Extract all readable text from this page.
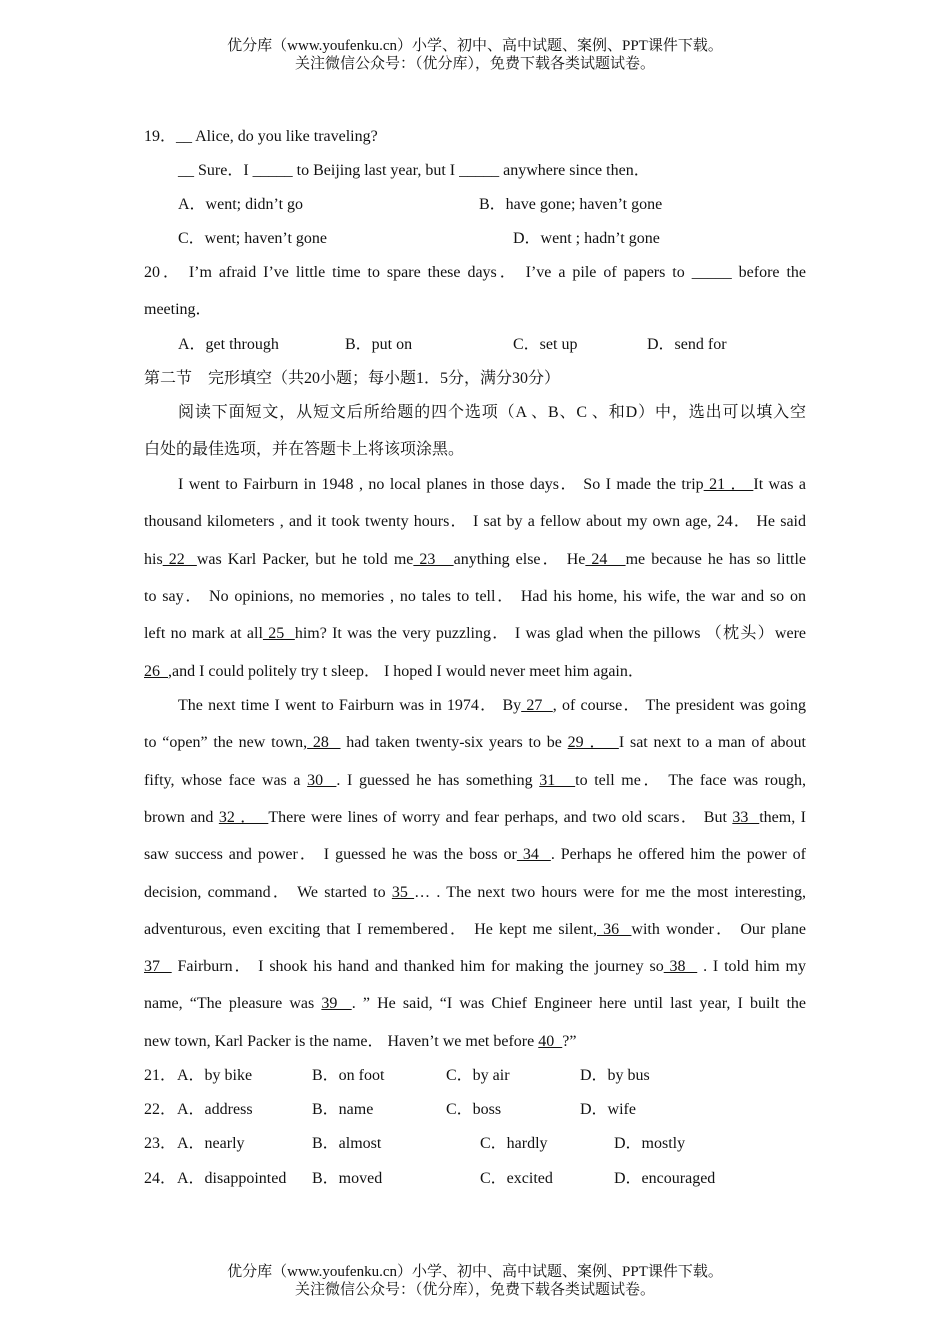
优分库（www.youfenku.cn）小学、初中、高中试题、案例、PPT课件下载。
关注微信公众号：（优分库），免费下载各类试题试卷。
19．__ Alice, do you like traveling?
__ Sure．I _____ to Beijing last year, but I _____ anywhere since then．
A．went; didn’t go	B．have gone; haven’t gone
C．went; haven’t gone	D．went ; hadn’t gone
20． I’m afraid I’ve little time to spare these days． I’ve a pile of papers to _____ before the
meeting．
A．get through	B．put on	C．set up	D．send for
第二节　完形填空（共20小题；每小题1．5分，满分30分）
阅读下面短文，从短文后所给题的四个选项（A 、B、C 、和D）中，选出可以填入空
白处的最佳选项，并在答题卡上将该项涂黑。
I went to Fairburn in 1948 , no local planes in those days． So I made the trip 21 ． It was a
thousand kilometers , and it took twenty hours． I sat by a fellow about my own age, 24． He said
his 22  was Karl Packer, but he told me 23   anything else． He 24   me because he has so little
to say． No opinions, no memories , no tales to tell． Had his home, his wife, the war and so on
left no mark at all 25  him? It was the very puzzling． I was glad when the pillows （枕头）were
26  ,and I could politely try t sleep． I hoped I would never meet him again．
The next time I went to Fairburn was in 1974． By 27  , of course． The president was going
to “open” the new town, 28   had taken twenty-six years to be 29 ．  I sat next to a man of about
fifty, whose face was a 30  . I guessed he has something 31   to tell me． The face was rough,
brown and 32 ．  There were lines of worry and fear perhaps, and two old scars． But 33  them, I
saw success and power． I guessed he was the boss or 34  . Perhaps he offered him the power of
decision, command． We started to 35 … . The next two hours were for me the most interesting,
adventurous, even exciting that I remembered． He kept me silent, 36  with wonder． Our plane
37   Fairburn． I shook his hand and thanked him for making the journey so 38   . I told him my
name, “The pleasure was 39  . ” He said, “I was Chief Engineer here until last year, I built the
new town, Karl Packer is the name． Haven’t we met before 40  ?”
21． A．by bike	B．on foot	C．by air	D．by bus
22． A．address	B．name	C．boss	D．wife
23． A．nearly	B．almost	C．hardly	D．mostly
24． A．disappointed B．moved	C．excited	D．encouraged
优分库（www.youfenku.cn）小学、初中、高中试题、案例、PPT课件下载。
关注微信公众号：（优分库），免费下载各类试题试卷。
